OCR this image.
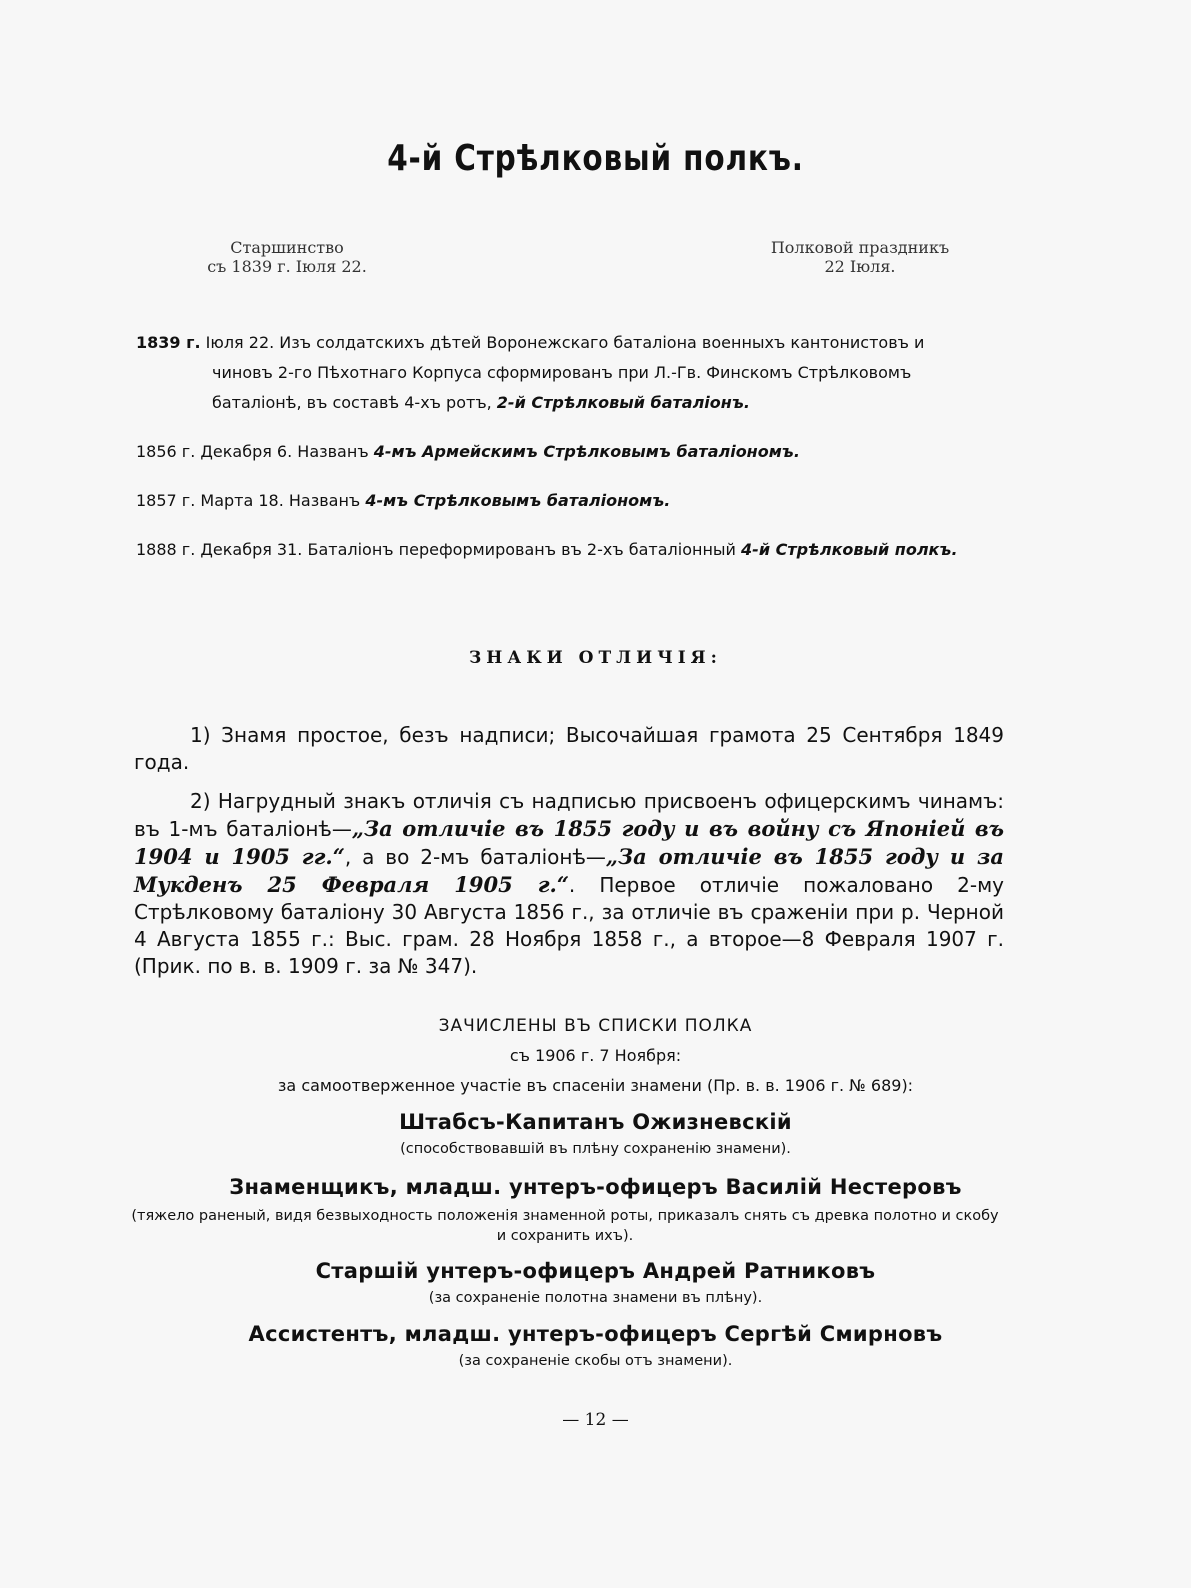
4-й Стрѣлковый полкъ.
Старшинство
съ 1839 г. Іюля 22.
Полковой праздникъ
22 Іюля.
1839 г. Іюля 22. Изъ солдатскихъ дѣтей Воронежскаго баталіона военныхъ кантонистовъ и
чиновъ 2-го Пѣхотнаго Корпуса сформированъ при Л.-Гв. Финскомъ Стрѣлковомъ
баталіонѣ, въ составѣ 4-хъ ротъ, 2-й Стрѣлковый баталіонъ.
1856 г. Декабря 6. Названъ 4-мъ Армейскимъ Стрѣлковымъ баталіономъ.
1857 г. Марта 18. Названъ 4-мъ Стрѣлковымъ баталіономъ.
1888 г. Декабря 31. Баталіонъ переформированъ въ 2-хъ баталіонный 4-й Стрѣлковый полкъ.
ЗНАКИ ОТЛИЧІЯ:
1) Знамя простое, безъ надписи; Высочайшая грамота 25 Сентября 1849 года.
2) Нагрудный знакъ отличія съ надписью присвоенъ офицерскимъ чинамъ: въ 1-мъ баталіонѣ—„За отличіе въ 1855 году и въ войну съ Японіей въ 1904 и 1905 гг.“, а во 2-мъ баталіонѣ—„За отличіе въ 1855 году и за Мукденъ 25 Февраля 1905 г.“. Первое отличіе пожаловано 2-му Стрѣлковому баталіону 30 Августа 1856 г., за отличіе въ сраженіи при р. Черной 4 Августа 1855 г.: Выс. грам. 28 Ноября 1858 г., а второе—8 Февраля 1907 г. (Прик. по в. в. 1909 г. за № 347).
ЗАЧИСЛЕНЫ ВЪ СПИСКИ ПОЛКА
съ 1906 г. 7 Ноября:
за самоотверженное участіе въ спасеніи знамени (Пр. в. в. 1906 г. № 689):
Штабсъ-Капитанъ Ожизневскій
(способствовавшій въ плѣну сохраненію знамени).
Знаменщикъ, младш. унтеръ-офицеръ Василій Нестеровъ
(тяжело раненый, видя безвыходность положенія знаменной роты, приказалъ снять съ древка полотно и скобу и сохранить ихъ).
Старшій унтеръ-офицеръ Андрей Ратниковъ
(за сохраненіе полотна знамени въ плѣну).
Ассистентъ, младш. унтеръ-офицеръ Сергѣй Смирновъ
(за сохраненіе скобы отъ знамени).
— 12 —
